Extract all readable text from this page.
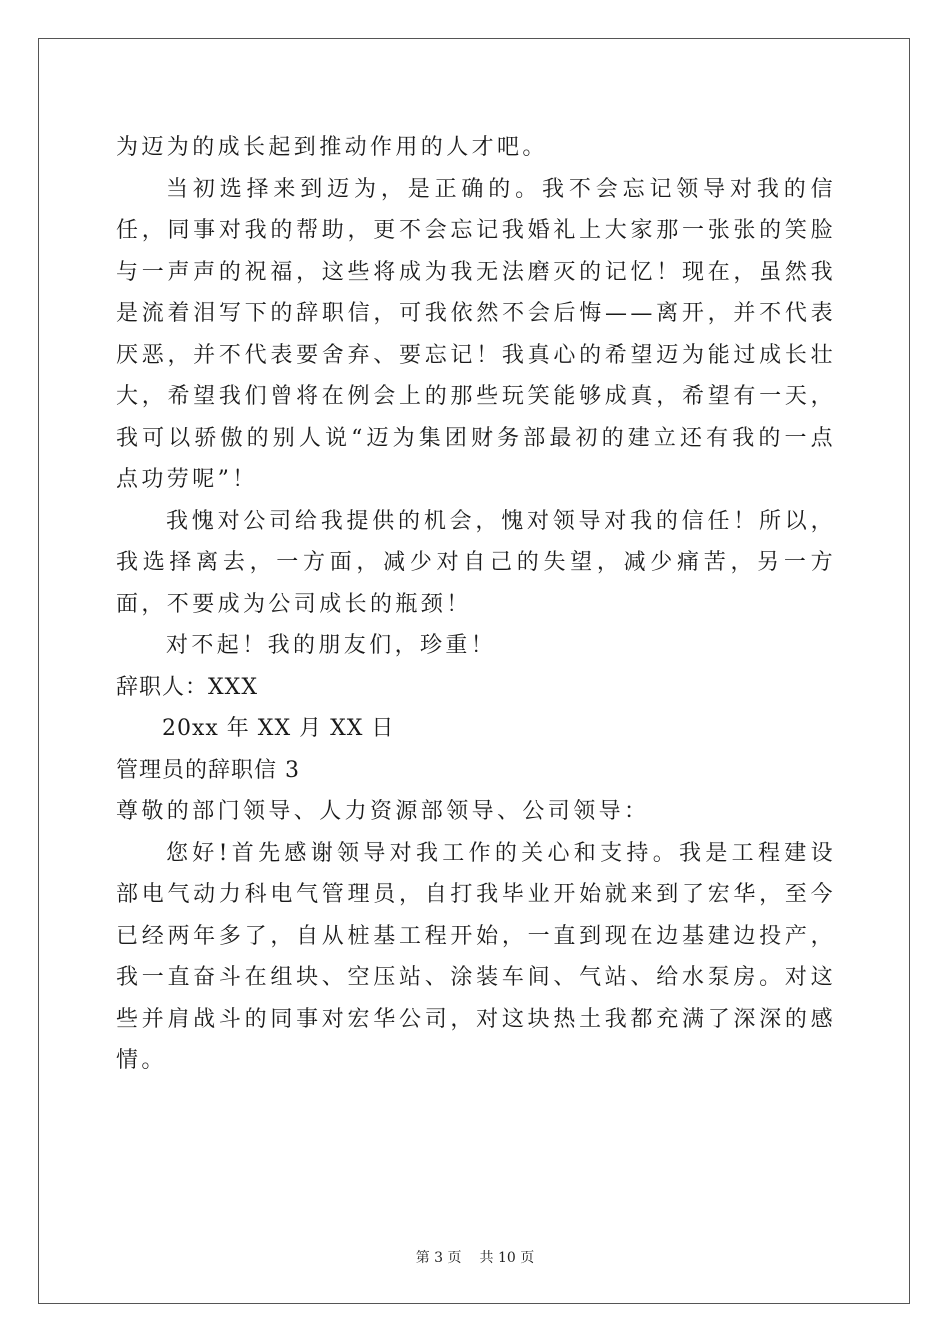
为迈为的成长起到推动作用的人才吧。

当初选择来到迈为，是正确的。我不会忘记领导对我的信任，同事对我的帮助，更不会忘记我婚礼上大家那一张张的笑脸与一声声的祝福，这些将成为我无法磨灭的记忆！现在，虽然我是流着泪写下的辞职信，可我依然不会后悔——离开，并不代表厌恶，并不代表要舍弃、要忘记！我真心的希望迈为能过成长壮大，希望我们曾将在例会上的那些玩笑能够成真，希望有一天，我可以骄傲的别人说“迈为集团财务部最初的建立还有我的一点点功劳呢”！

我愧对公司给我提供的机会，愧对领导对我的信任！所以，我选择离去，一方面，减少对自己的失望，减少痛苦，另一方面，不要成为公司成长的瓶颈！

对不起！我的朋友们，珍重！

辞职人：XXX

20xx 年 XX 月 XX 日

管理员的辞职信 3

尊敬的部门领导、人力资源部领导、公司领导：

您好!首先感谢领导对我工作的关心和支持。我是工程建设部电气动力科电气管理员，自打我毕业开始就来到了宏华，至今已经两年多了，自从桩基工程开始，一直到现在边基建边投产，我一直奋斗在组块、空压站、涂装车间、气站、给水泵房。对这些并肩战斗的同事对宏华公司，对这块热土我都充满了深深的感情。

第 3 页 共 10 页
